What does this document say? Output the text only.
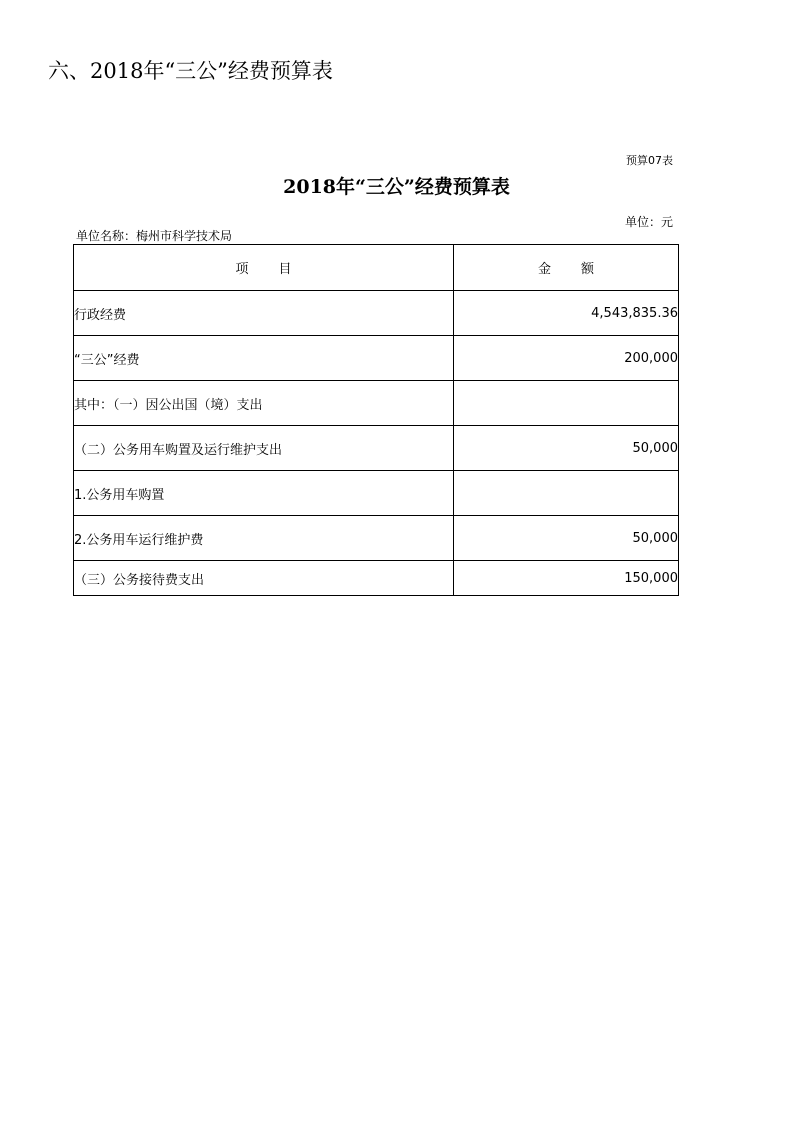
六、2018年“三公”经费预算表
预算07表
2018年“三公”经费预算表
单位：元
单位名称：梅州市科学技术局
项 目	金 额
行政经费	4,543,835.36
“三公”经费	200,000
其中：（一）因公出国（境）支出	
（二）公务用车购置及运行维护支出	50,000
1.公务用车购置	
2.公务用车运行维护费	50,000
（三）公务接待费支出	150,000
